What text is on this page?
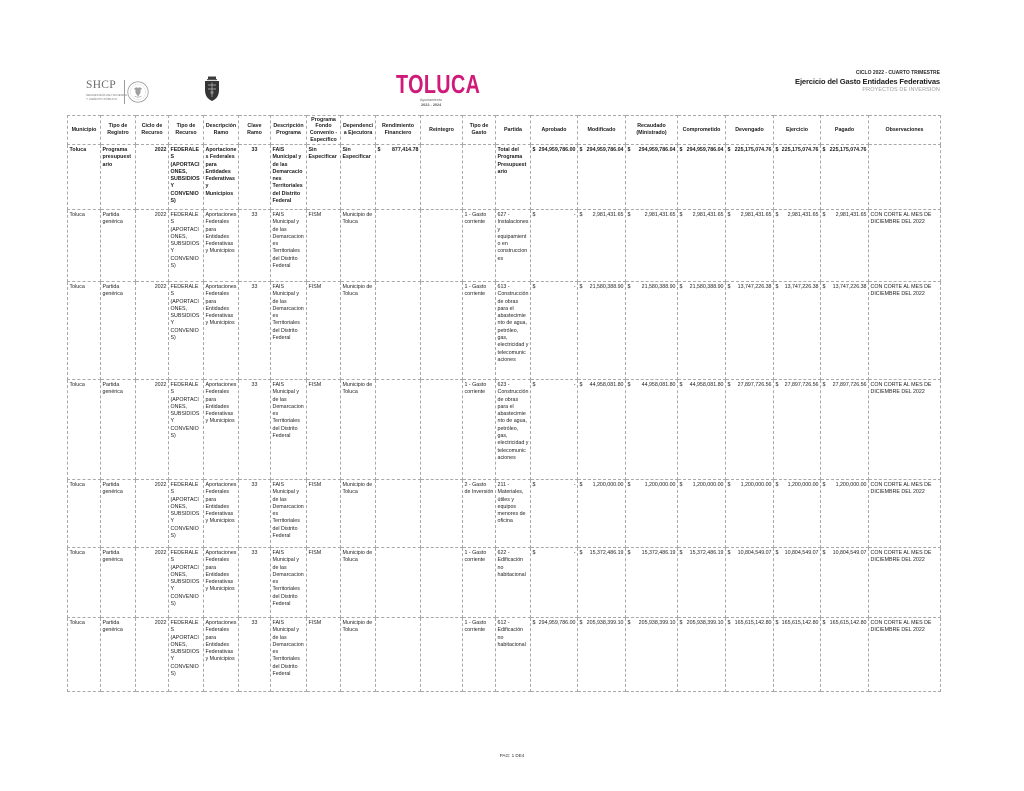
SHCP
SECRETARÍA DE HACIENDA
Y CRÉDITO PÚBLICO	TOLUCA
Ayuntamiento
2022 - 2024
CICLO 2022 - CUARTO TRIMESTRE
Ejercicio del Gasto Entidades Federativas
PROYECTOS DE INVERSION
Municipio	Tipo de Registro	Ciclo de Recurso	Tipo de Recurso	Descripción Ramo	Clave Ramo	Descripción Programa	Programa Fondo Convenio - Específico	Dependencia Ejecutora	Rendimiento Financiero	Reintegro	Tipo de Gasto	Partida	Aprobado	Modificado	Recaudado (Ministrado)	Comprometido	Devengado	Ejercicio	Pagado	Observaciones
Toluca	Programa presupuestario	2022	FEDERALES (APORTACIONES, SUBSIDIOS Y CONVENIOS)	Aportaciones Federales para Entidades Federativas y Municipios	33	FAIS Municipal y de las Demarcaciones Territoriales del Distrito Federal	Sin Especificar	Sin Especificar	$ 877,414.78			Total del Programa Presupuestario	$ 294,959,786.00	$ 294,959,786.04	$ 294,959,786.04	$ 294,959,786.04	$ 225,175,074.76	$ 225,175,074.76	$ 225,175,074.76	

Toluca	Partida genérica	2022	FEDERALES (APORTACIONES, SUBSIDIOS Y CONVENIOS)	Aportaciones Federales para Entidades Federativas y Municipios	33	FAIS Municipal y de las Demarcaciones Territoriales del Distrito Federal	FISM	Municipio de Toluca			1 - Gasto corriente	627 - Instalaciones y equipamiento en construcciones	$ -	$ 2,981,431.65	$ 2,981,431.65	$ 2,981,431.65	$ 2,981,431.65	$ 2,981,431.65	$ 2,981,431.65	CON CORTE AL MES DE DICIEMBRE DEL 2022
Toluca	Partida genérica	2022	FEDERALES (APORTACIONES, SUBSIDIOS Y CONVENIOS)	Aportaciones Federales para Entidades Federativas y Municipios	33	FAIS Municipal y de las Demarcaciones Territoriales del Distrito Federal	FISM	Municipio de Toluca			1 - Gasto corriente	613 - Construcción de obras para el abastecimiento de agua, petróleo, gas, electricidad y telecomunicaciones	$ -	$ 21,580,388.90	$ 21,580,388.90	$ 21,580,388.90	$ 13,747,226.38	$ 13,747,226.38	$ 13,747,226.38	CON CORTE AL MES DE DICIEMBRE DEL 2022
Toluca	Partida genérica	2022	FEDERALES (APORTACIONES, SUBSIDIOS Y CONVENIOS)	Aportaciones Federales para Entidades Federativas y Municipios	33	FAIS Municipal y de las Demarcaciones Territoriales del Distrito Federal	FISM	Municipio de Toluca			1 - Gasto corriente	623 - Construcción de obras para el abastecimiento de agua, petróleo, gas, electricidad y telecomunicaciones	$ -	$ 44,958,081.80	$ 44,958,081.80	$ 44,958,081.80	$ 27,897,726.56	$ 27,897,726.56	$ 27,897,726.56	CON CORTE AL MES DE DICIEMBRE DEL 2022
Toluca	Partida genérica	2022	FEDERALES (APORTACIONES, SUBSIDIOS Y CONVENIOS)	Aportaciones Federales para Entidades Federativas y Municipios	33	FAIS Municipal y de las Demarcaciones Territoriales del Distrito Federal	FISM	Municipio de Toluca			2 - Gasto de Inversión	211 - Materiales, útiles y equipos menores de oficina	$ -	$ 1,200,000.00	$ 1,200,000.00	$ 1,200,000.00	$ 1,200,000.00	$ 1,200,000.00	$ 1,200,000.00	CON CORTE AL MES DE DICIEMBRE DEL 2022
Toluca	Partida genérica	2022	FEDERALES (APORTACIONES, SUBSIDIOS Y CONVENIOS)	Aportaciones Federales para Entidades Federativas y Municipios	33	FAIS Municipal y de las Demarcaciones Territoriales del Distrito Federal	FISM	Municipio de Toluca			1 - Gasto corriente	622 - Edificación no habitacional	$ -	$ 15,372,486.19	$ 15,372,486.19	$ 15,372,486.19	$ 10,804,549.07	$ 10,804,549.07	$ 10,804,549.07	CON CORTE AL MES DE DICIEMBRE DEL 2022
Toluca	Partida genérica	2022	FEDERALES (APORTACIONES, SUBSIDIOS Y CONVENIOS)	Aportaciones Federales para Entidades Federativas y Municipios	33	FAIS Municipal y de las Demarcaciones Territoriales del Distrito Federal	FISM	Municipio de Toluca			1 - Gasto corriente	612 - Edificación no habitacional	$ 294,959,786.00	$ 205,938,399.10	$ 205,938,399.10	$ 205,938,399.10	$ 165,615,142.80	$ 165,615,142.80	$ 165,615,142.80	CON CORTE AL MES DE DICIEMBRE DEL 2022
PAG: 1 DE4
